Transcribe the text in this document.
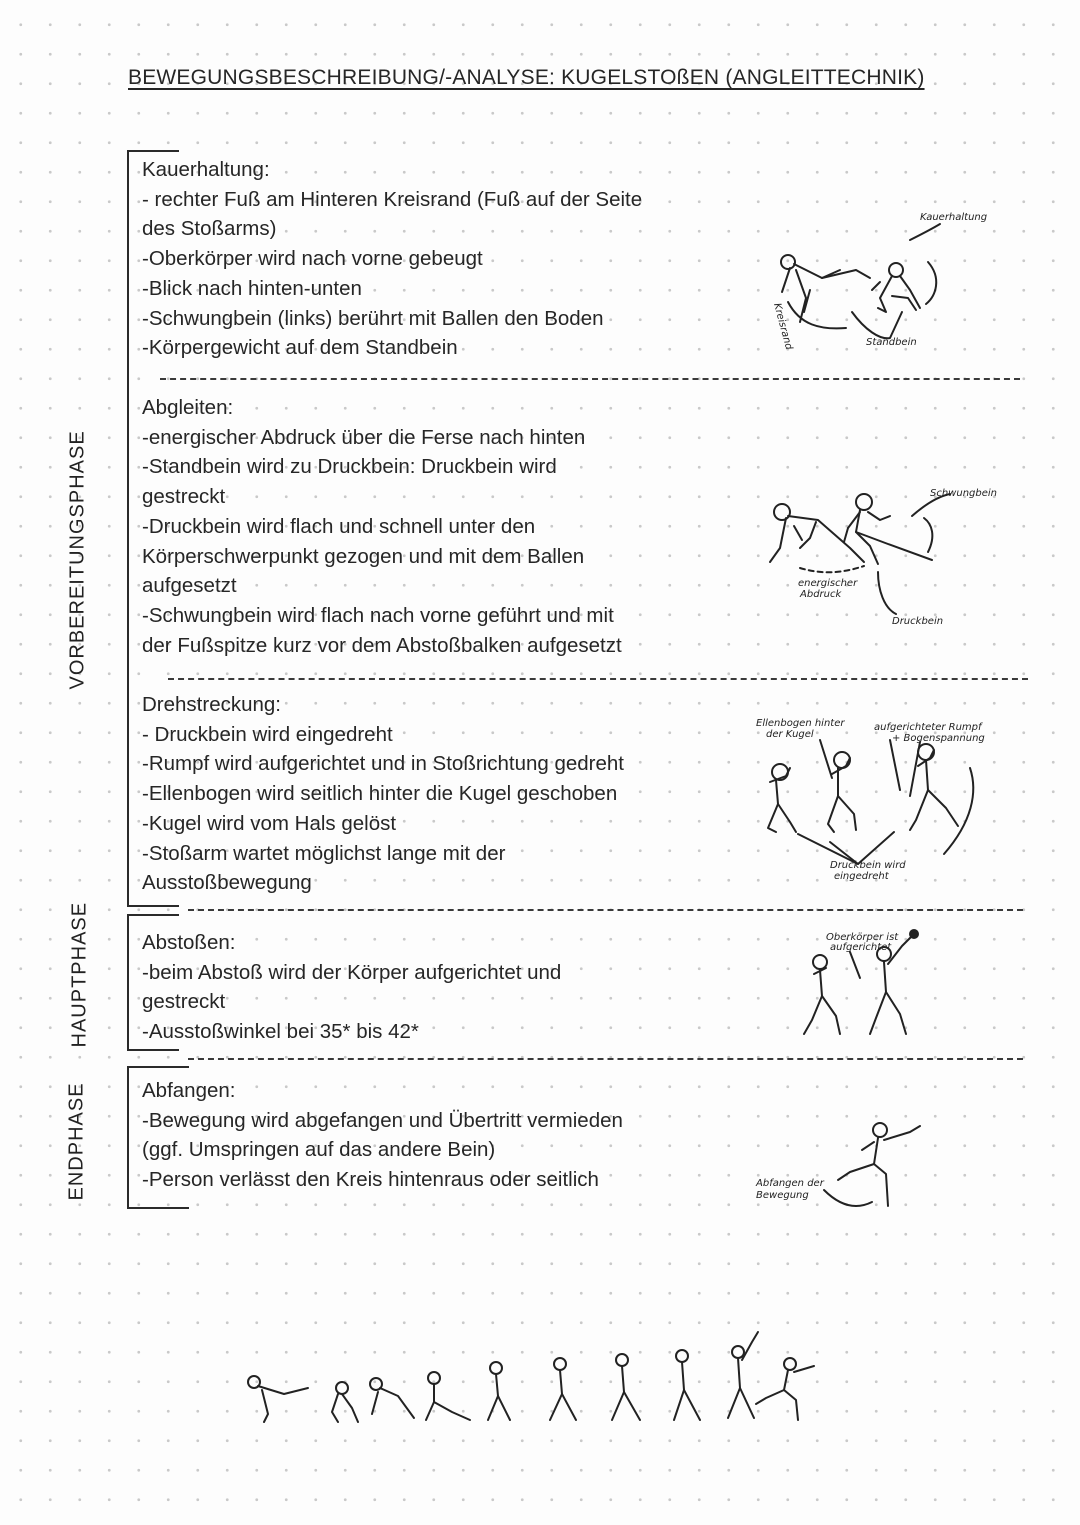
BEWEGUNGSBESCHREIBUNG/-ANALYSE: KUGELSTOßEN (ANGLEITTECHNIK)
VORBEREITUNGSPHASE
HAUPTPHASE
ENDPHASE
Kauerhaltung:
- rechter Fuß am Hinteren Kreisrand (Fuß auf der Seite
des Stoßarms)
-Oberkörper wird nach vorne gebeugt
-Blick nach hinten-unten
-Schwungbein (links) berührt mit Ballen den Boden
-Körpergewicht auf dem Standbein
Abgleiten:
-energischer Abdruck über die Ferse nach hinten
-Standbein wird zu Druckbein: Druckbein wird
gestreckt
-Druckbein wird flach und schnell unter den
Körperschwerpunkt gezogen und mit dem Ballen
aufgesetzt
-Schwungbein wird flach nach vorne geführt und mit
der Fußspitze kurz vor dem Abstoßbalken aufgesetzt
Drehstreckung:
- Druckbein wird eingedreht
-Rumpf wird aufgerichtet und in Stoßrichtung gedreht
-Ellenbogen wird seitlich hinter die Kugel geschoben
-Kugel wird vom Hals gelöst
-Stoßarm wartet möglichst lange mit der
Ausstoßbewegung
Abstoßen:
-beim Abstoß wird der Körper aufgerichtet und
gestreckt
-Ausstoßwinkel bei 35* bis 42*
Abfangen:
-Bewegung wird abgefangen und Übertritt vermieden
(ggf. Umspringen auf das andere Bein)
-Person verlässt den Kreis hintenraus oder seitlich
Kauerhaltung
Kreisrand	Standbein
Schwungbein
energischer
Abdruck
Druckbein
Ellenbogen hinter
der Kugel
aufgerichteter Rumpf
+ Bogenspannung
Druckbein wird
eingedreht
Oberkörper ist
aufgerichtet
Abfangen der
Bewegung
